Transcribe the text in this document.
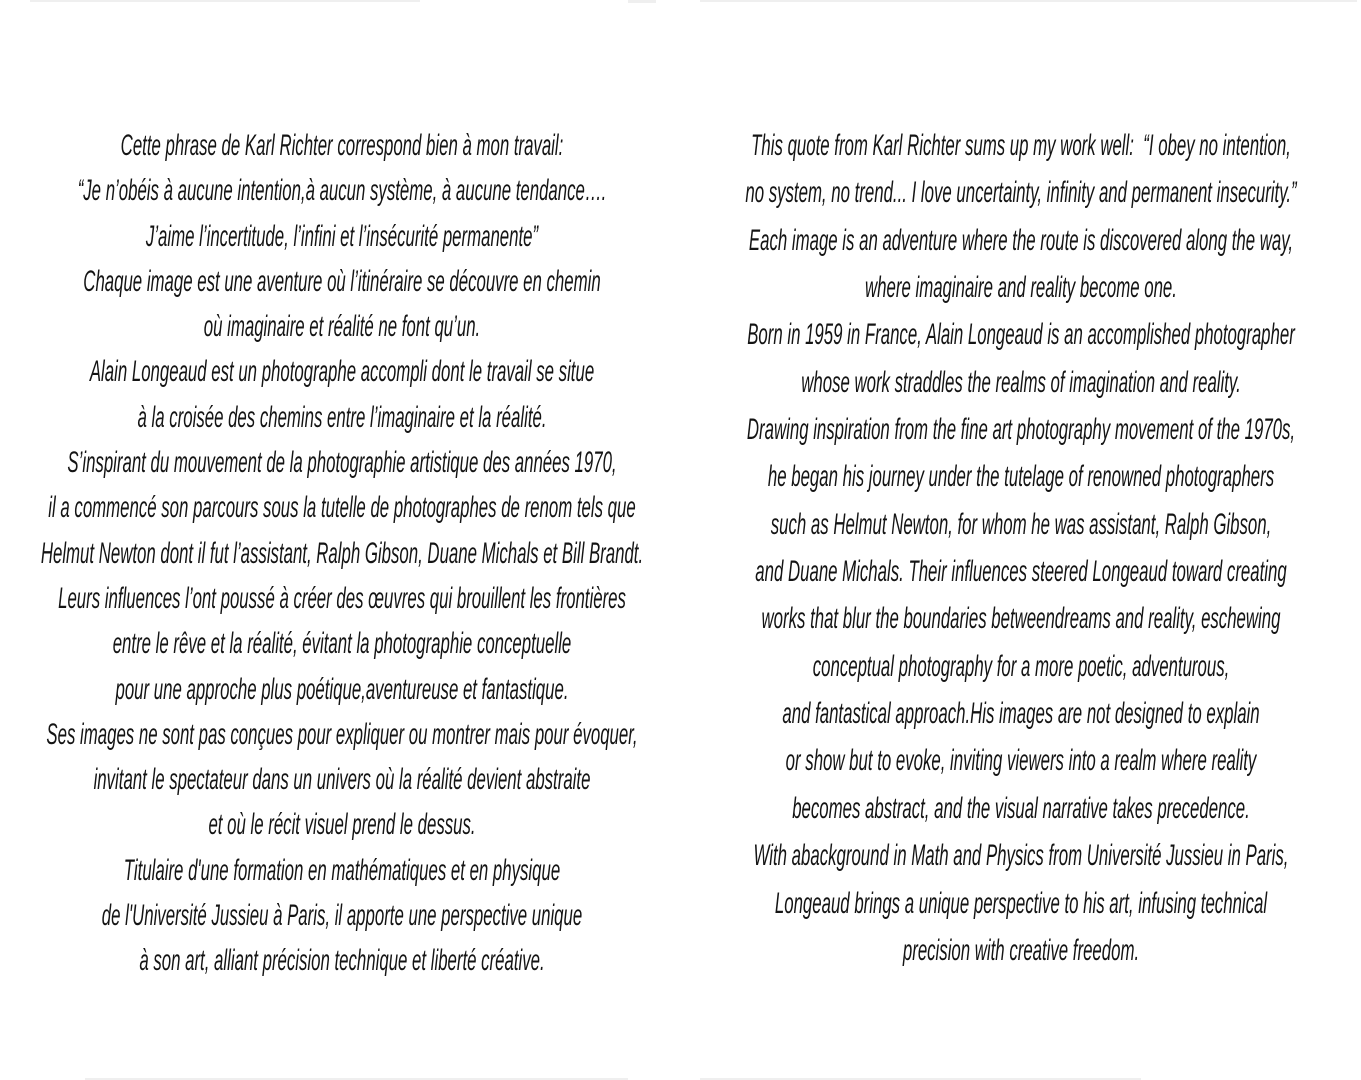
Cette phrase de Karl Richter correspond bien à mon travail:
“Je n’obéis à aucune intention,à aucun système, à aucune tendance….
J’aime l’incertitude, l’infini et l’insécurité permanente”
Chaque image est une aventure où l’itinéraire se découvre en chemin
où imaginaire et réalité ne font qu’un.
Alain Longeaud est un photographe accompli dont le travail se situe
à la croisée des chemins entre l’imaginaire et la réalité.
S’inspirant du mouvement de la photographie artistique des années 1970,
il a commencé son parcours sous la tutelle de photographes de renom tels que
Helmut Newton dont il fut l’assistant, Ralph Gibson, Duane Michals et Bill Brandt.
Leurs influences l’ont poussé à créer des œuvres qui brouillent les frontières
entre le rêve et la réalité, évitant la photographie conceptuelle
pour une approche plus poétique,aventureuse et fantastique.
Ses images ne sont pas conçues pour expliquer ou montrer mais pour évoquer,
invitant le spectateur dans un univers où la réalité devient abstraite
et où le récit visuel prend le dessus.
Titulaire d'une formation en mathématiques et en physique
de l'Université Jussieu à Paris, il apporte une perspective unique
à son art, alliant précision technique et liberté créative.
This quote from Karl Richter sums up my work well:  “I obey no intention,
no system, no trend... I love uncertainty, infinity and permanent insecurity.”
Each image is an adventure where the route is discovered along the way,
where imaginaire and reality become one.
Born in 1959 in France, Alain Longeaud is an accomplished photographer
whose work straddles the realms of imagination and reality.
Drawing inspiration from the fine art photography movement of the 1970s,
he began his journey under the tutelage of renowned photographers
such as Helmut Newton, for whom he was assistant, Ralph Gibson,
and Duane Michals. Their influences steered Longeaud toward creating
works that blur the boundaries betweendreams and reality, eschewing
conceptual photography for a more poetic, adventurous,
and fantastical approach.His images are not designed to explain
or show but to evoke, inviting viewers into a realm where reality
becomes abstract, and the visual narrative takes precedence.
With abackground in Math and Physics from Université Jussieu in Paris,
Longeaud brings a unique perspective to his art, infusing technical
precision with creative freedom.
